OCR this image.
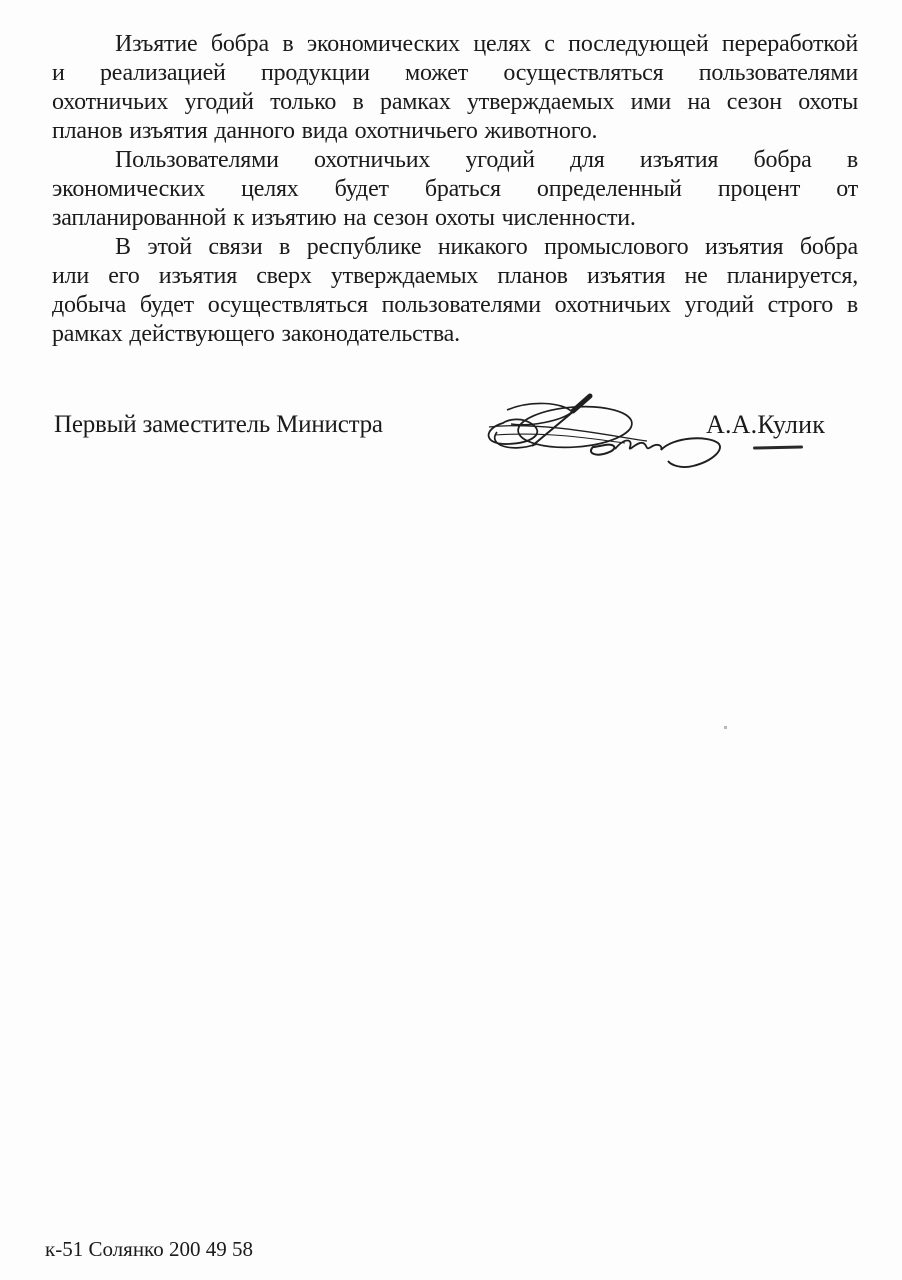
Изъятие бобра в экономических целях с последующей переработкой
и реализацией продукции может осуществляться пользователями
охотничьих угодий только в рамках утверждаемых ими на сезон охоты
планов изъятия данного вида охотничьего животного.
Пользователями охотничьих угодий для изъятия бобра в
экономических целях будет браться определенный процент от
запланированной к изъятию на сезон охоты численности.
В этой связи в республике никакого промыслового изъятия бобра
или его изъятия сверх утверждаемых планов изъятия не планируется,
добыча будет осуществляться пользователями охотничьих угодий строго в
рамках действующего законодательства.
Первый заместитель Министра	А.А.Кулик
к-51 Солянко 200 49 58
